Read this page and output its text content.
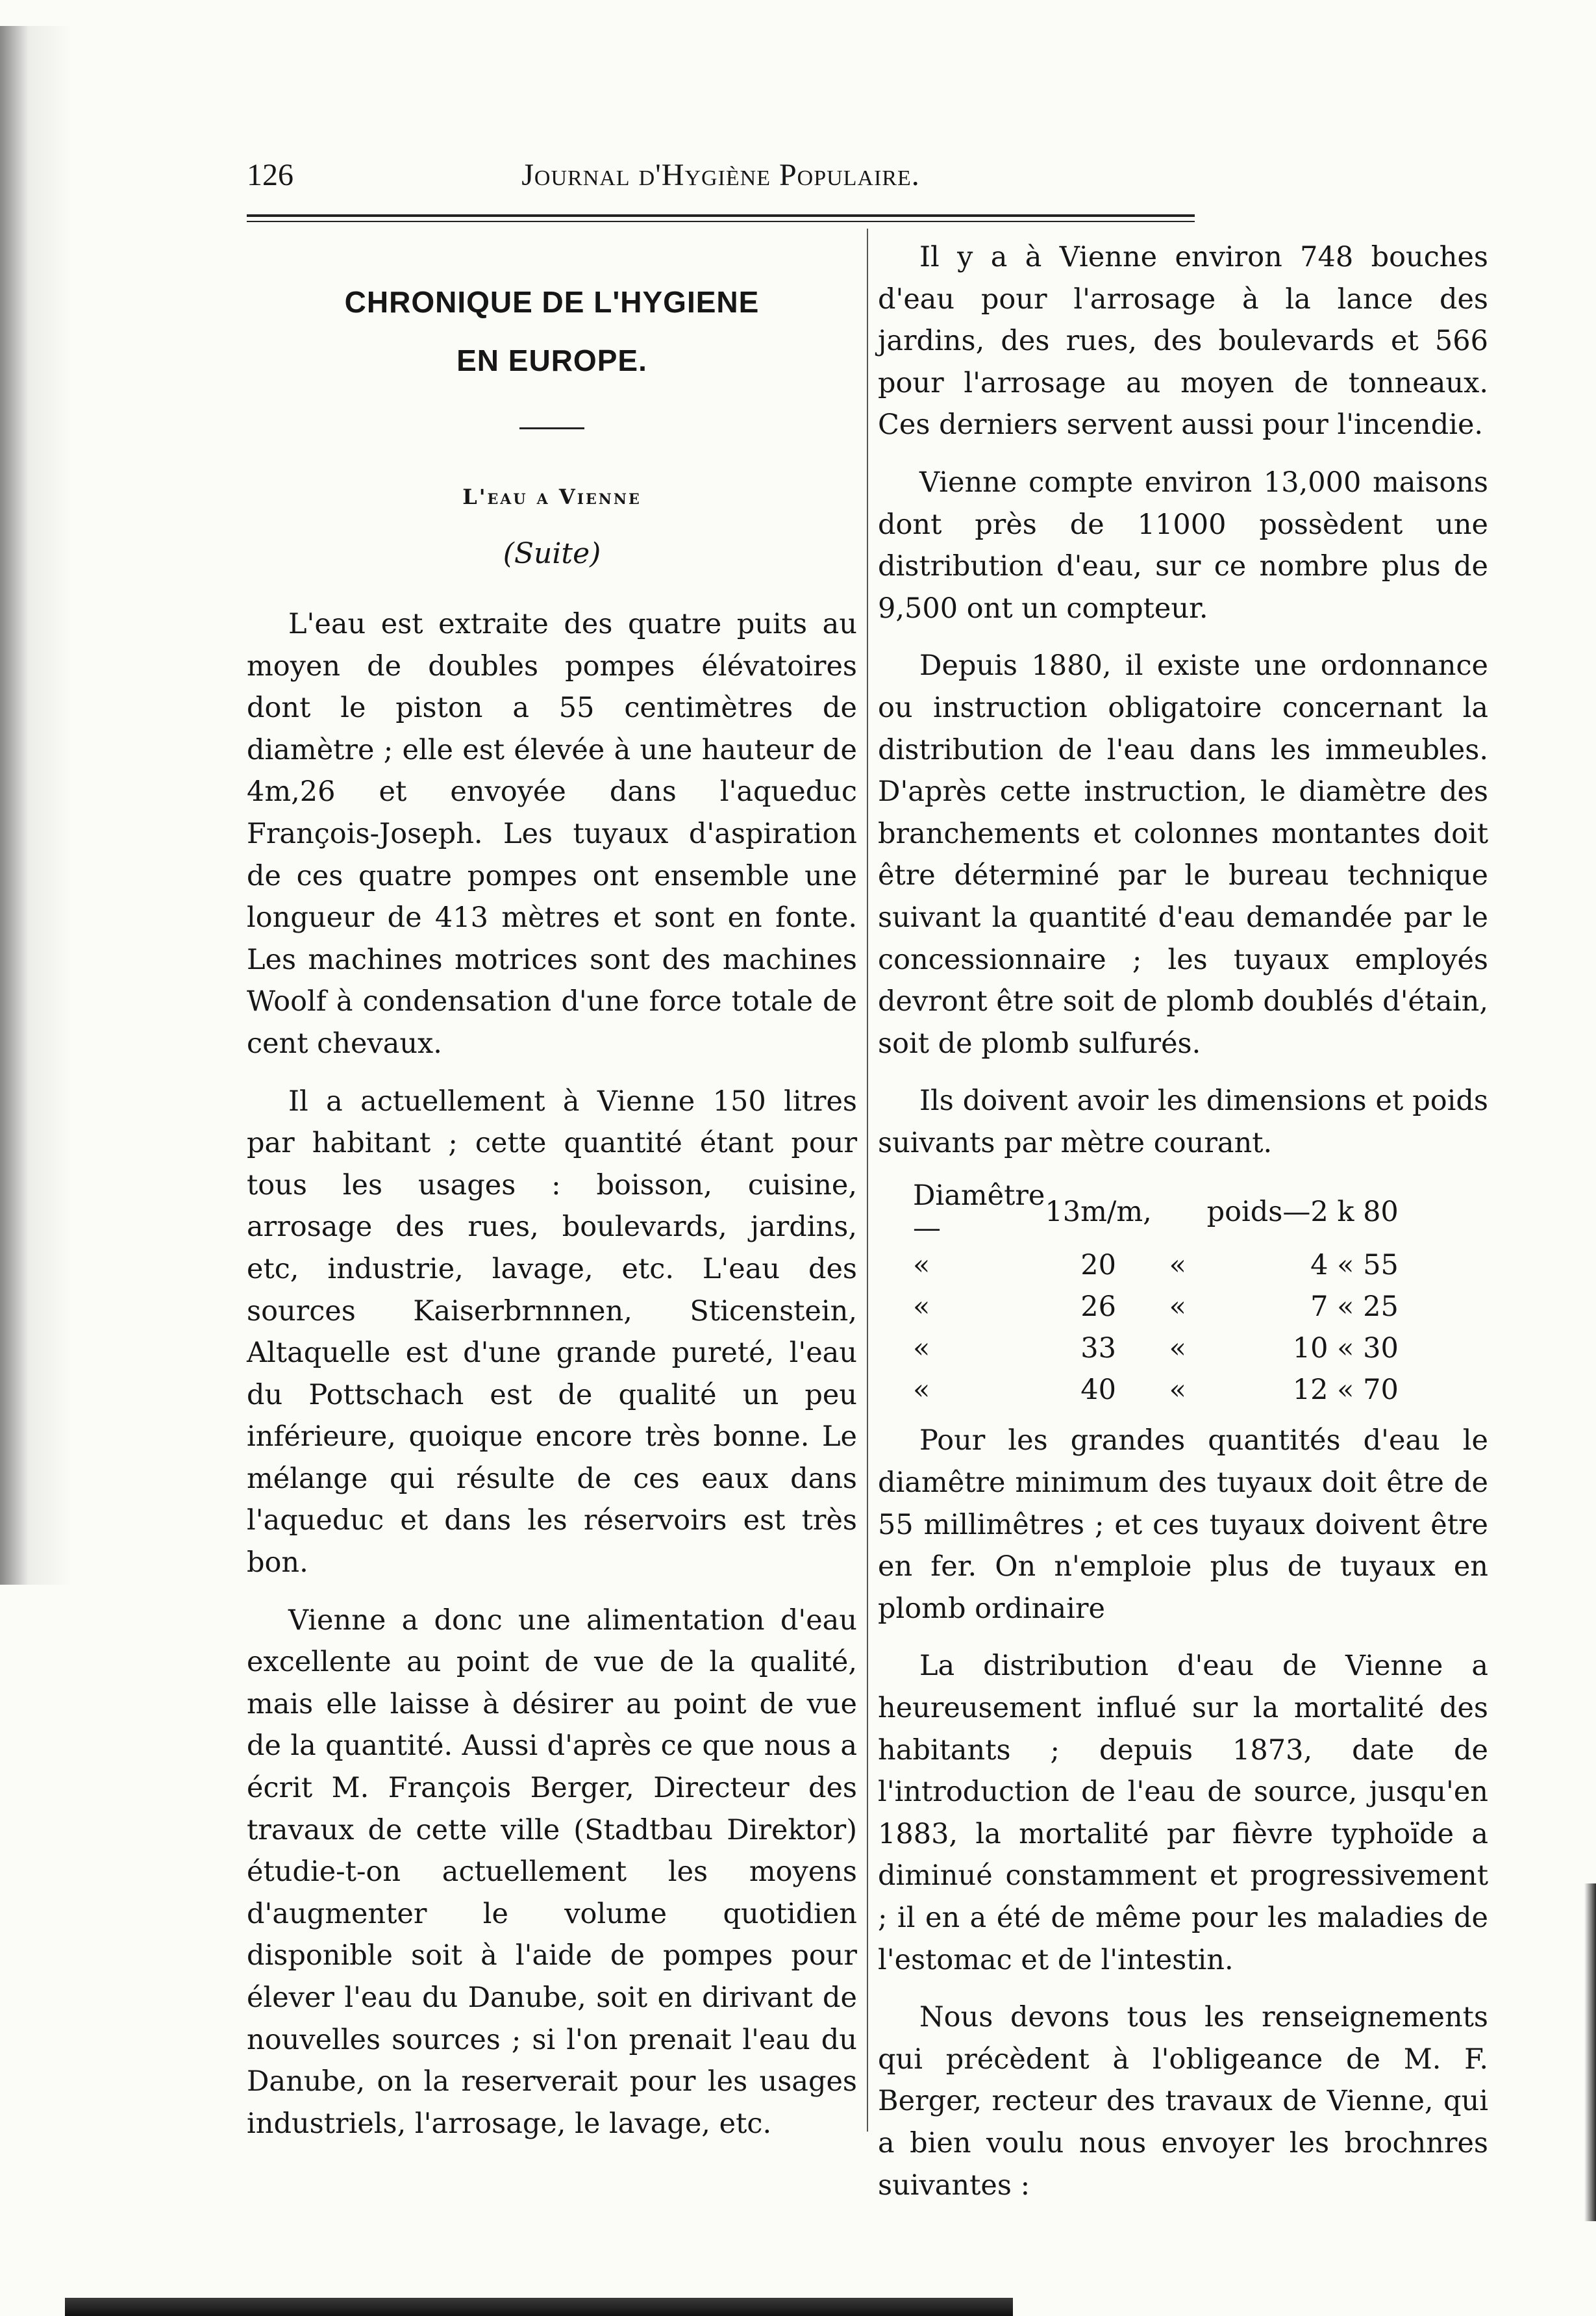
126	Journal d'Hygiène Populaire.
CHRONIQUE DE L'HYGIENE
EN EUROPE.
L'eau a Vienne
(Suite)

L'eau est extraite des quatre puits au moyen de doubles pompes élévatoires dont le piston a 55 centimètres de diamètre ; elle est élevée à une hauteur de 4m,26 et envoyée dans l'aqueduc François-Joseph. Les tuyaux d'aspiration de ces quatre pompes ont ensemble une longueur de 413 mètres et sont en fonte. Les machines motrices sont des machines Woolf à condensation d'une force totale de cent chevaux.

Il a actuellement à Vienne 150 litres par habitant ; cette quantité étant pour tous les usages : boisson, cuisine, arrosage des rues, boulevards, jardins, etc, industrie, lavage, etc. L'eau des sources Kaiserbrnnnen, Sticenstein, Altaquelle est d'une grande pureté, l'eau du Pottschach est de qualité un peu inférieure, quoique encore très bonne. Le mélange qui résulte de ces eaux dans l'aqueduc et dans les réservoirs est très bon.

Vienne a donc une alimentation d'eau excellente au point de vue de la qualité, mais elle laisse à désirer au point de vue de la quantité. Aussi d'après ce que nous a écrit M. François Berger, Directeur des travaux de cette ville (Stadtbau Direktor) étudie-t-on actuellement les moyens d'augmenter le volume quotidien disponible soit à l'aide de pompes pour élever l'eau du Danube, soit en dirivant de nouvelles sources ; si l'on prenait l'eau du Danube, on la reserverait pour les usages industriels, l'arrosage, le lavage, etc.

Il y a à Vienne environ 748 bouches d'eau pour l'arrosage à la lance des jardins, des rues, des boulevards et 566 pour l'arrosage au moyen de tonneaux. Ces derniers servent aussi pour l'incendie.

Vienne compte environ 13,000 maisons dont près de 11000 possèdent une distribution d'eau, sur ce nombre plus de 9,500 ont un compteur.

Depuis 1880, il existe une ordonnance ou instruction obligatoire concernant la distribution de l'eau dans les immeubles. D'après cette instruction, le diamètre des branchements et colonnes montantes doit être déterminé par le bureau technique suivant la quantité d'eau demandée par le concessionnaire ; les tuyaux employés devront être soit de plomb doublés d'étain, soit de plomb sulfurés.

Ils doivent avoir les dimensions et poids suivants par mètre courant.

Diamêtre—	13m/m,		poids—2 k 80
«	20	«	4 « 55
«	26	«	7 « 25
«	33	«	10 « 30
«	40	«	12 « 70

Pour les grandes quantités d'eau le diamêtre minimum des tuyaux doit être de 55 millimêtres ; et ces tuyaux doivent être en fer. On n'emploie plus de tuyaux en plomb ordinaire

La distribution d'eau de Vienne a heureusement influé sur la mortalité des habitants ; depuis 1873, date de l'introduction de l'eau de source, jusqu'en 1883, la mortalité par fièvre typhoïde a diminué constamment et progressivement ; il en a été de même pour les maladies de l'estomac et de l'intestin.

Nous devons tous les renseignements qui précèdent à l'obligeance de M. F. Berger, recteur des travaux de Vienne, qui a bien voulu nous envoyer les brochnres suivantes :
